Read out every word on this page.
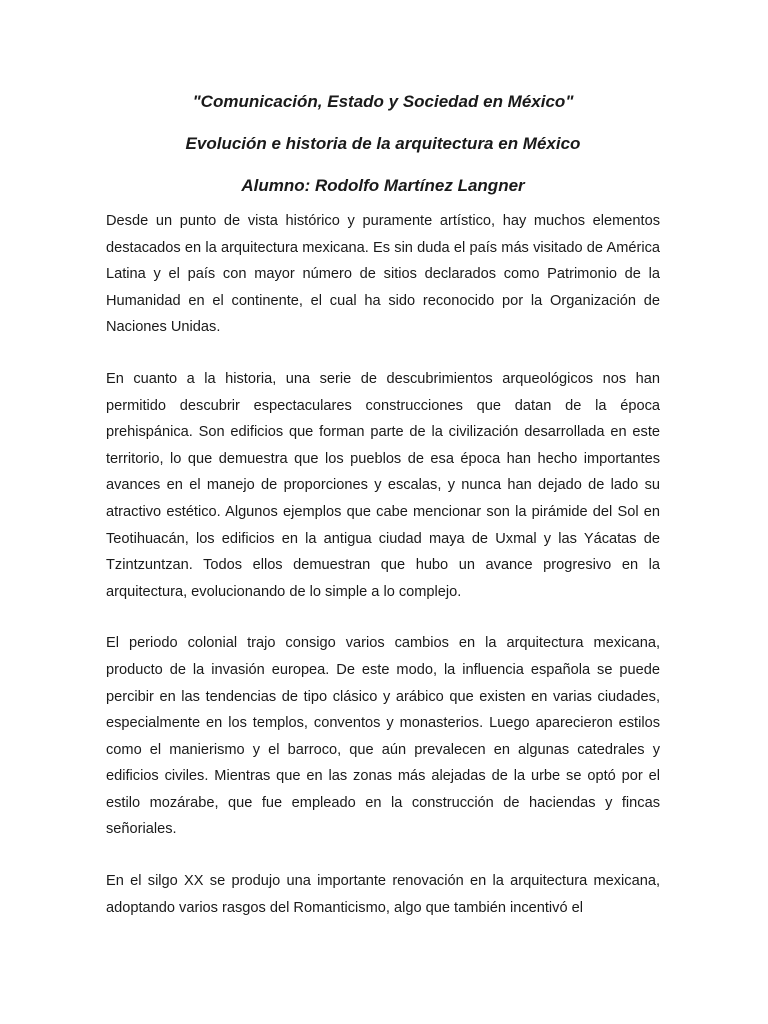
"Comunicación, Estado y Sociedad en México"

Evolución e historia de la arquitectura en México

Alumno: Rodolfo Martínez Langner

Desde un punto de vista histórico y puramente artístico, hay muchos elementos destacados en la arquitectura mexicana. Es sin duda el país más visitado de América Latina y el país con mayor número de sitios declarados como Patrimonio de la Humanidad en el continente, el cual ha sido reconocido por la Organización de Naciones Unidas.

En cuanto a la historia, una serie de descubrimientos arqueológicos nos han permitido descubrir espectaculares construcciones que datan de la época prehispánica. Son edificios que forman parte de la civilización desarrollada en este territorio, lo que demuestra que los pueblos de esa época han hecho importantes avances en el manejo de proporciones y escalas, y nunca han dejado de lado su atractivo estético. Algunos ejemplos que cabe mencionar son la pirámide del Sol en Teotihuacán, los edificios en la antigua ciudad maya de Uxmal y las Yácatas de Tzintzuntzan. Todos ellos demuestran que hubo un avance progresivo en la arquitectura, evolucionando de lo simple a lo complejo.

El periodo colonial trajo consigo varios cambios en la arquitectura mexicana, producto de la invasión europea. De este modo, la influencia española se puede percibir en las tendencias de tipo clásico y arábico que existen en varias ciudades, especialmente en los templos, conventos y monasterios. Luego aparecieron estilos como el manierismo y el barroco, que aún prevalecen en algunas catedrales y edificios civiles. Mientras que en las zonas más alejadas de la urbe se optó por el estilo mozárabe, que fue empleado en la construcción de haciendas y fincas señoriales.

En el silgo XX se produjo una importante renovación en la arquitectura mexicana, adoptando varios rasgos del Romanticismo, algo que también incentivó el
